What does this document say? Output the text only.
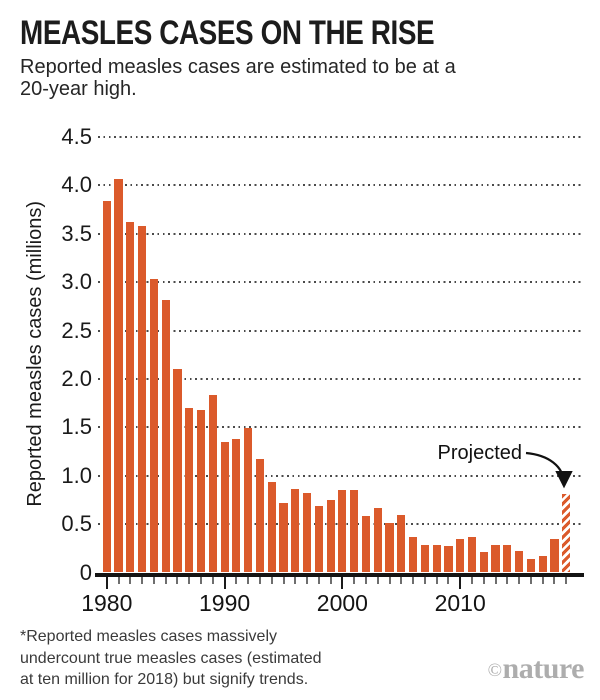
MEASLES CASES ON THE RISE
Reported measles cases are estimated to be at a
20-year high.
Reported measles cases (millions)
0
0.5
1.0
1.5
2.0
2.5
3.0
3.5
4.0
4.5
1980	1990	2000	2010
Projected
*Reported measles cases massively
undercount true measles cases (estimated
at ten million for 2018) but signify trends.	©nature
